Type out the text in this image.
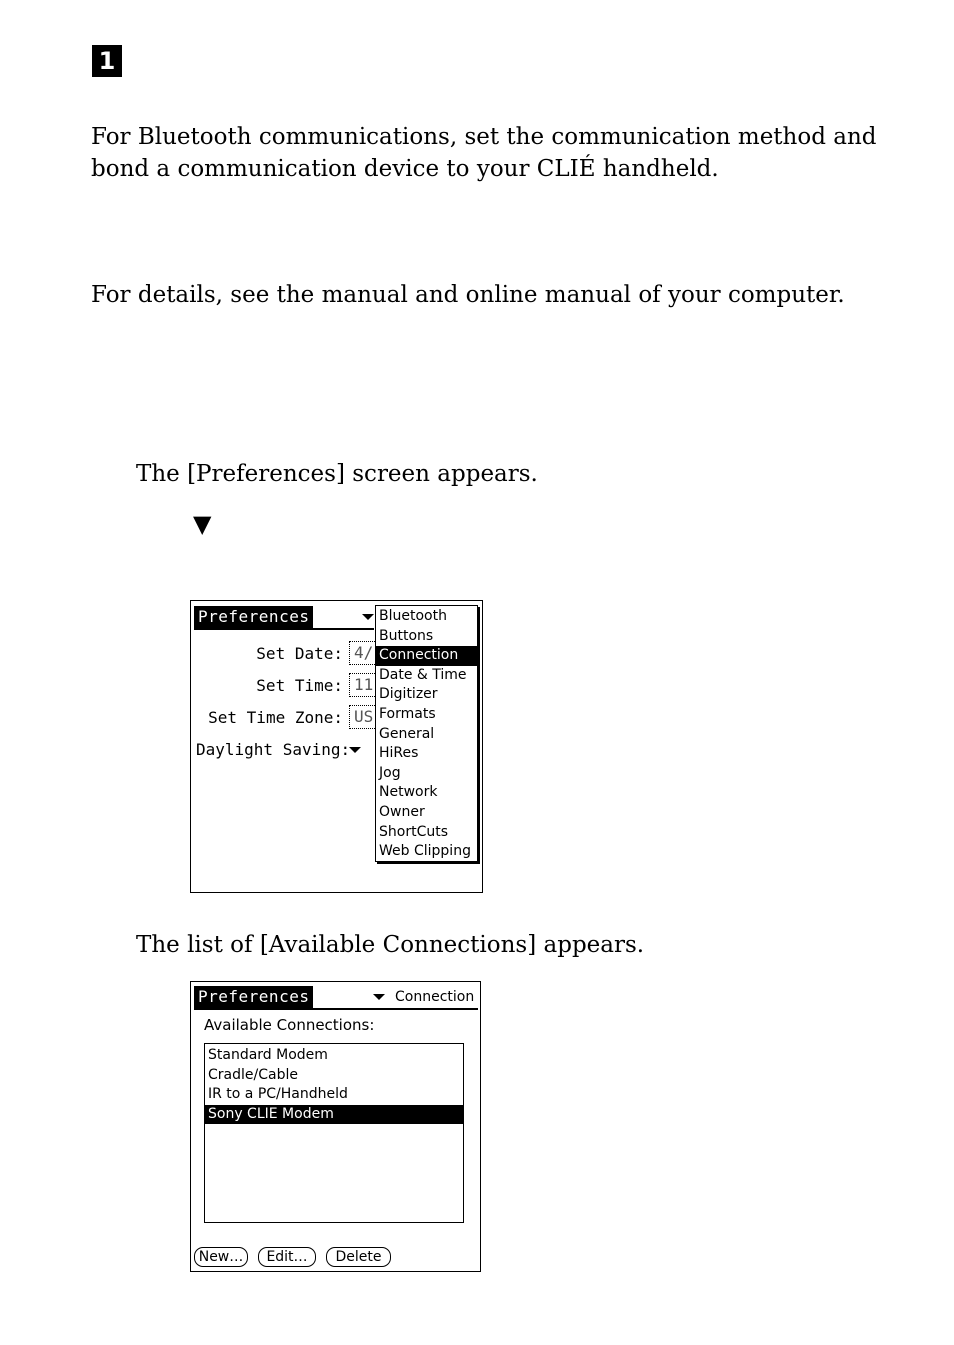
1
For Bluetooth communications, set the communication method and
bond a communication device to your CLIÉ handheld.
For details, see the manual and online manual of your computer.
The [Preferences] screen appears.
▼
Preferences
Set Date: 4/
Set Time: 11
Set Time Zone: US
Daylight Saving:
Bluetooth
Buttons
Connection
Date & Time
Digitizer
Formats
General
HiRes
Jog
Network
Owner
ShortCuts
Web Clipping
The list of [Available Connections] appears.
Preferences	Connection
Available Connections:
Standard Modem
Cradle/Cable
IR to a PC/Handheld
Sony CLIE Modem
New…	Edit…	Delete
